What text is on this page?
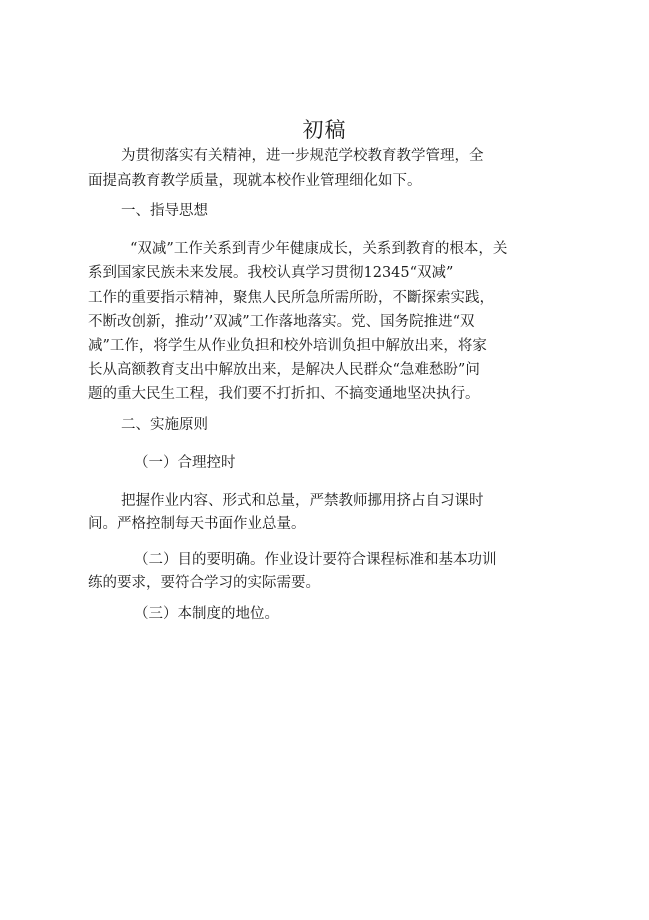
初稿
为贯彻落实有关精神，进一步规范学校教育教学管理，全
面提高教育教学质量，现就本校作业管理细化如下。
一、指导思想
“双减”工作关系到青少年健康成长，关系到教育的根本，关
系到国家民族未来发展。我校认真学习贯彻12345“双减”
工作的重要指示精神，聚焦人民所急所需所盼，不斷探索实践，
不断改创新，推动’’双减”工作落地落实。党、国务院推进“双
减”工作，将学生从作业负担和校外培训负担中解放出来，将家
长从高额教育支出中解放出来，是解决人民群众“急难愁盼”问
题的重大民生工程，我们要不打折扣、不搞变通地坚决执行。
二、实施原则
（一）合理控时
把握作业内容、形式和总量，严禁教师挪用挤占自习课时
间。严格控制每天书面作业总量。
（二）目的要明确。作业设计要符合课程标准和基本功训
练的要求，要符合学习的实际需要。
（三）本制度的地位。
